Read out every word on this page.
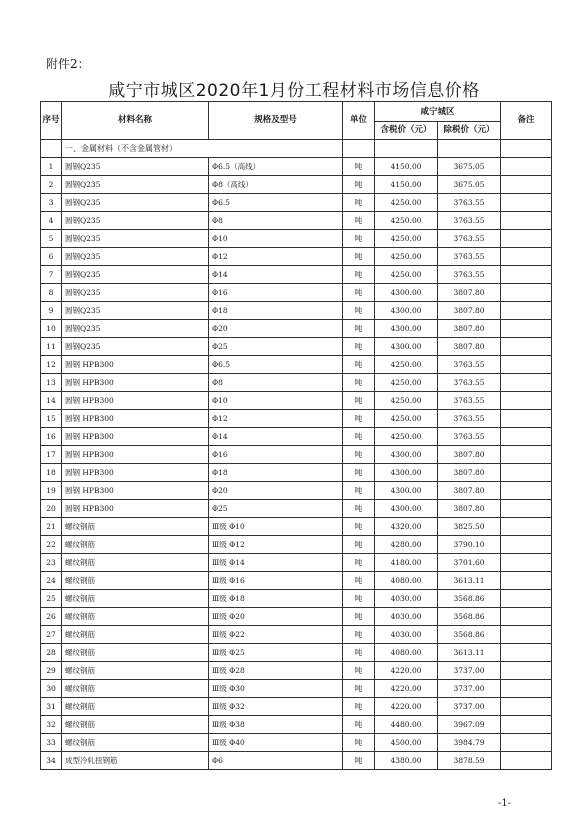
附件2：
咸宁市城区2020年1月份工程材料市场信息价格
序号	材料名称	规格及型号	单位	咸宁城区		备注
				含税价（元）	除税价（元）	
	一、金属材料（不含金属管材）					
1	圆钢Q235	Φ6.5（高线）	吨	4150.00	3675.05	
2	圆钢Q235	Φ8（高线）	吨	4150.00	3675.05	
3	圆钢Q235	Φ6.5	吨	4250.00	3763.55	
4	圆钢Q235	Φ8	吨	4250.00	3763.55	
5	圆钢Q235	Φ10	吨	4250.00	3763.55	
6	圆钢Q235	Φ12	吨	4250.00	3763.55	
7	圆钢Q235	Φ14	吨	4250.00	3763.55	
8	圆钢Q235	Φ16	吨	4300.00	3807.80	
9	圆钢Q235	Φ18	吨	4300.00	3807.80	
10	圆钢Q235	Φ20	吨	4300.00	3807.80	
11	圆钢Q235	Φ25	吨	4300.00	3807.80	
12	圆钢 HPB300	Φ6.5	吨	4250.00	3763.55	
13	圆钢 HPB300	Φ8	吨	4250.00	3763.55	
14	圆钢 HPB300	Φ10	吨	4250.00	3763.55	
15	圆钢 HPB300	Φ12	吨	4250.00	3763.55	
16	圆钢 HPB300	Φ14	吨	4250.00	3763.55	
17	圆钢 HPB300	Φ16	吨	4300.00	3807.80	
18	圆钢 HPB300	Φ18	吨	4300.00	3807.80	
19	圆钢 HPB300	Φ20	吨	4300.00	3807.80	
20	圆钢 HPB300	Φ25	吨	4300.00	3807.80	
21	螺纹钢筋	Ⅲ级 Φ10	吨	4320.00	3825.50	
22	螺纹钢筋	Ⅲ级 Φ12	吨	4280.00	3790.10	
23	螺纹钢筋	Ⅲ级 Φ14	吨	4180.00	3701.60	
24	螺纹钢筋	Ⅲ级 Φ16	吨	4080.00	3613.11	
25	螺纹钢筋	Ⅲ级 Φ18	吨	4030.00	3568.86	
26	螺纹钢筋	Ⅲ级 Φ20	吨	4030.00	3568.86	
27	螺纹钢筋	Ⅲ级 Φ22	吨	4030.00	3568.86	
28	螺纹钢筋	Ⅲ级 Φ25	吨	4080.00	3613.11	
29	螺纹钢筋	Ⅲ级 Φ28	吨	4220.00	3737.00	
30	螺纹钢筋	Ⅲ级 Φ30	吨	4220.00	3737.00	
31	螺纹钢筋	Ⅲ级 Φ32	吨	4220.00	3737.00	
32	螺纹钢筋	Ⅲ级 Φ38	吨	4480.00	3967.09	
33	螺纹钢筋	Ⅲ级 Φ40	吨	4500.00	3984.79	
34	成型冷轧扭钢筋	Φ6	吨	4380.00	3878.59	
-1-
